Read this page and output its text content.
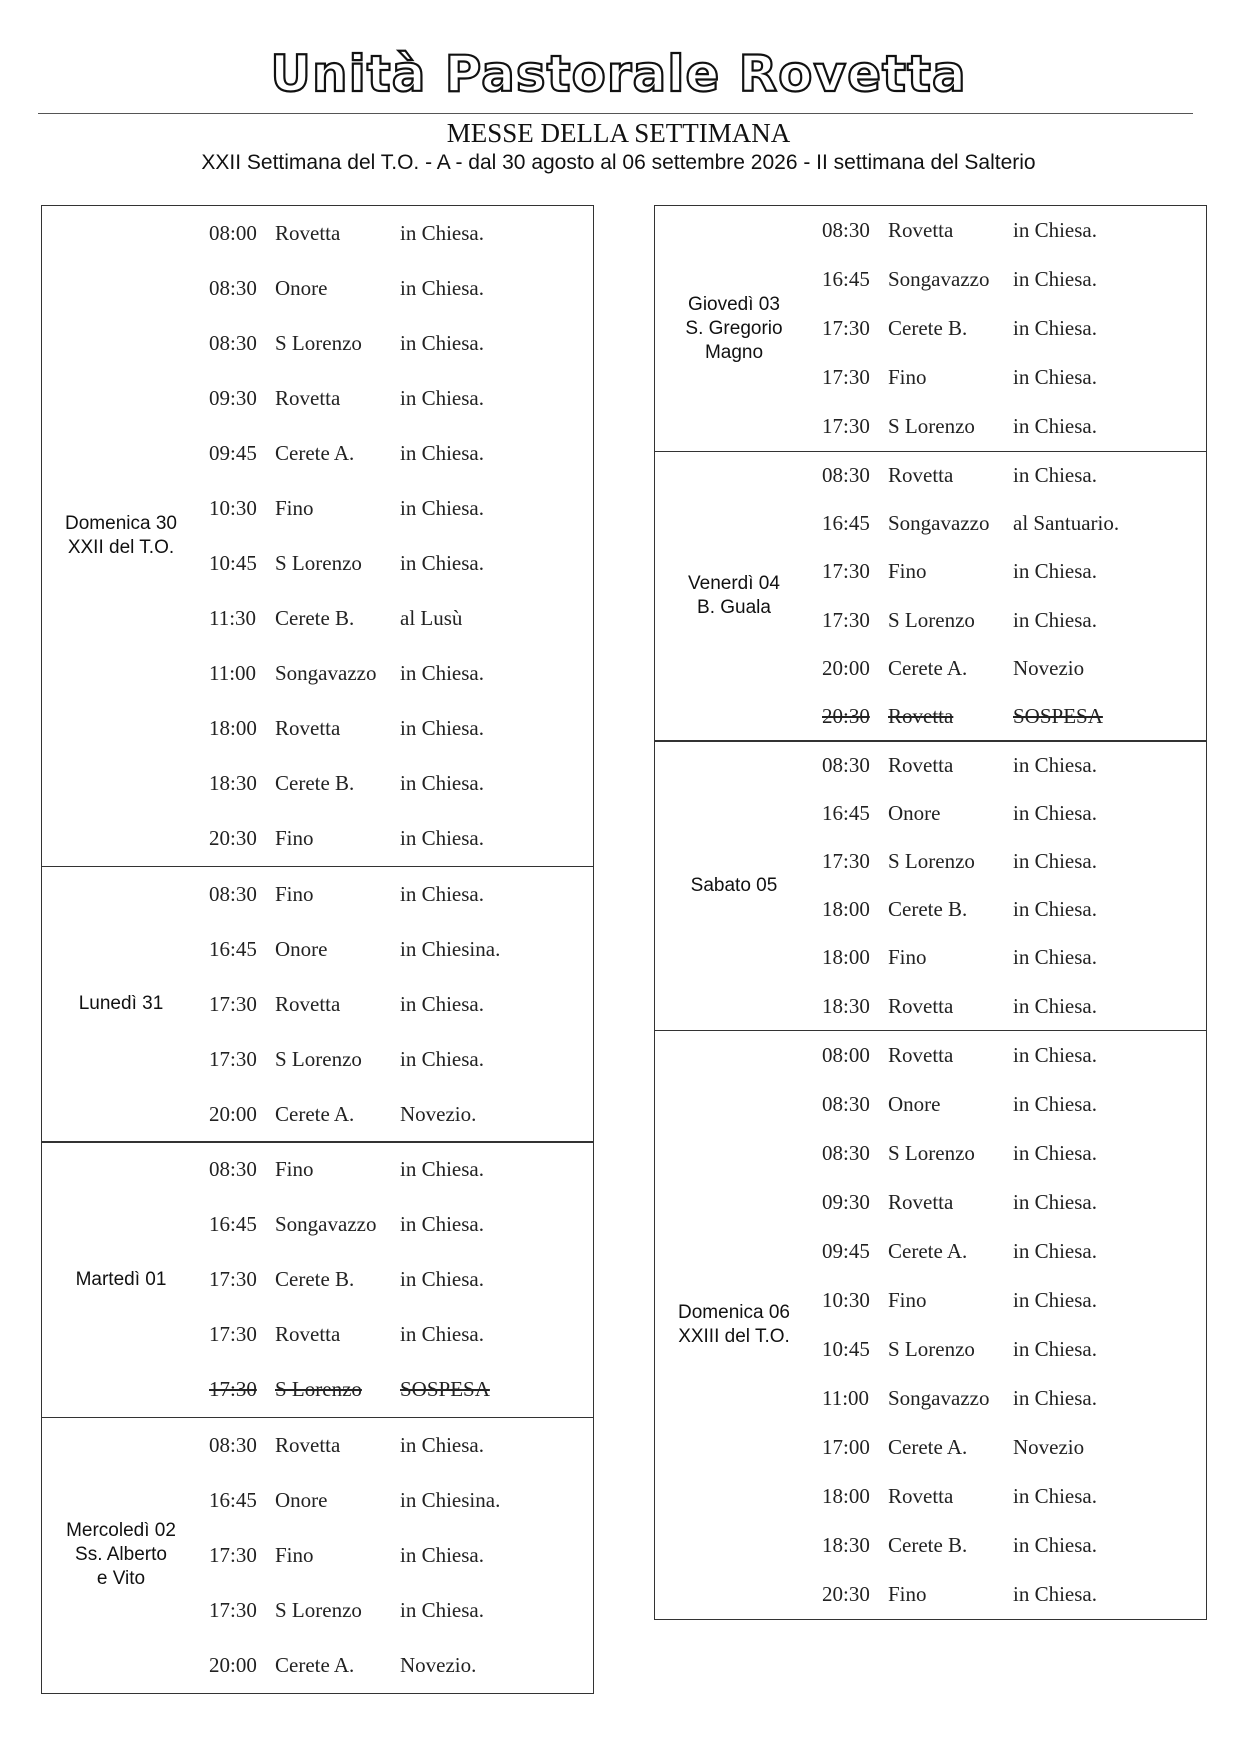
Unità Pastorale Rovetta
MESSE DELLA SETTIMANA
XXII Settimana del T.O. - A - dal 30 agosto al 06 settembre 2026 - II settimana del Salterio
Domenica 30
XXII del T.O.
08:00 Rovetta	in Chiesa.
08:30 Onore	in Chiesa.
08:30 S Lorenzo	in Chiesa.
09:30 Rovetta	in Chiesa.
09:45 Cerete A.	in Chiesa.
10:30 Fino	in Chiesa.
10:45 S Lorenzo	in Chiesa.
11:30 Cerete B.	al Lusù
11:00 Songavazzo	in Chiesa.
18:00 Rovetta	in Chiesa.
18:30 Cerete B.	in Chiesa.
20:30 Fino	in Chiesa.
Lunedì 31
08:30 Fino	in Chiesa.
16:45 Onore	in Chiesina.
17:30 Rovetta	in Chiesa.
17:30 S Lorenzo	in Chiesa.
20:00 Cerete A.	Novezio.
Martedì 01
08:30 Fino	in Chiesa.
16:45 Songavazzo	in Chiesa.
17:30 Cerete B.	in Chiesa.
17:30 Rovetta	in Chiesa.
17:30 S Lorenzo	SOSPESA
Mercoledì 02
Ss. Alberto
e Vito
08:30 Rovetta	in Chiesa.
16:45 Onore	in Chiesina.
17:30 Fino	in Chiesa.
17:30 S Lorenzo	in Chiesa.
20:00 Cerete A.	Novezio.
Giovedì 03
S. Gregorio
Magno
08:30 Rovetta	in Chiesa.
16:45 Songavazzo	in Chiesa.
17:30 Cerete B.	in Chiesa.
17:30 Fino	in Chiesa.
17:30 S Lorenzo	in Chiesa.
Venerdì 04
B. Guala
08:30 Rovetta	in Chiesa.
16:45 Songavazzo	al Santuario.
17:30 Fino	in Chiesa.
17:30 S Lorenzo	in Chiesa.
20:00 Cerete A.	Novezio
20:30 Rovetta	SOSPESA
Sabato 05
08:30 Rovetta	in Chiesa.
16:45 Onore	in Chiesa.
17:30 S Lorenzo	in Chiesa.
18:00 Cerete B.	in Chiesa.
18:00 Fino	in Chiesa.
18:30 Rovetta	in Chiesa.
Domenica 06
XXIII del T.O.
08:00 Rovetta	in Chiesa.
08:30 Onore	in Chiesa.
08:30 S Lorenzo	in Chiesa.
09:30 Rovetta	in Chiesa.
09:45 Cerete A.	in Chiesa.
10:30 Fino	in Chiesa.
10:45 S Lorenzo	in Chiesa.
11:00 Songavazzo	in Chiesa.
17:00 Cerete A.	Novezio
18:00 Rovetta	in Chiesa.
18:30 Cerete B.	in Chiesa.
20:30 Fino	in Chiesa.
